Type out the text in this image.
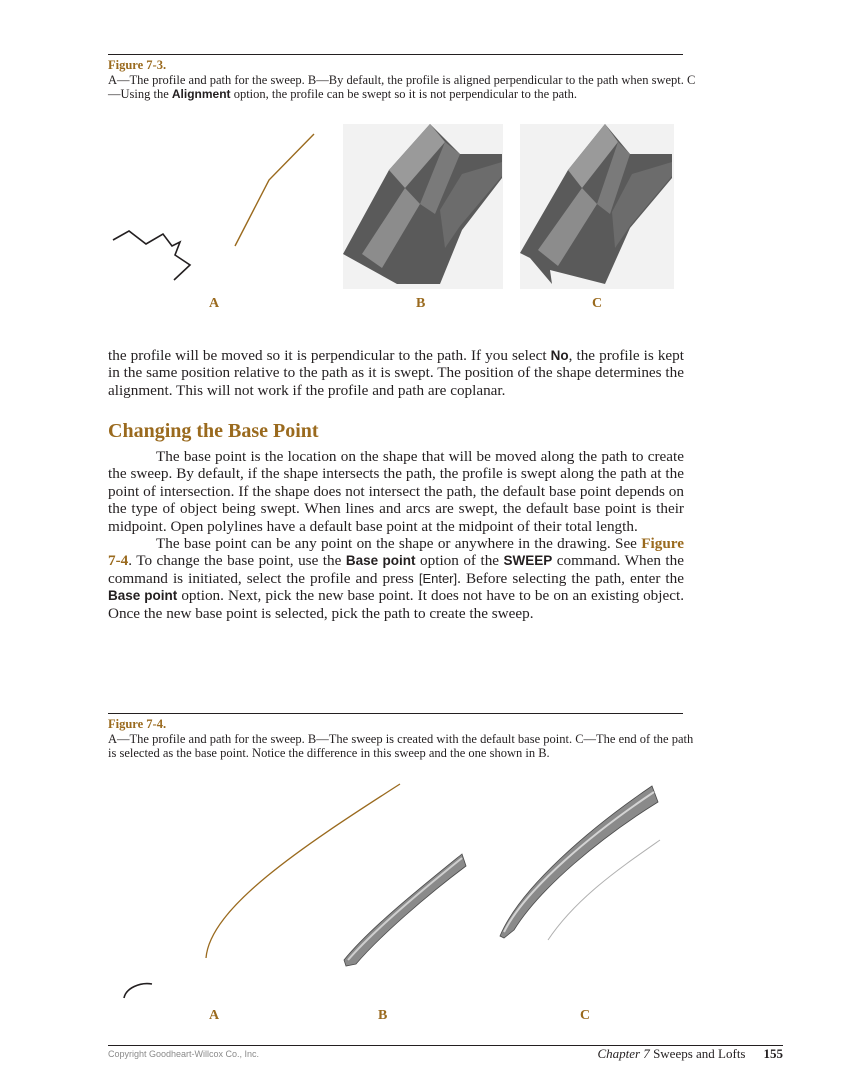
Figure 7-3.
A—The profile and path for the sweep. B—By default, the profile is aligned perpendicular to the path when swept. C—Using the Alignment option, the profile can be swept so it is not perpendicular to the path.
A	B	C

the profile will be moved so it is perpendicular to the path. If you select No, the profile is kept in the same position relative to the path as it is swept. The position of the shape determines the alignment. This will not work if the profile and path are coplanar.

Changing the Base Point

The base point is the location on the shape that will be moved along the path to create the sweep. By default, if the shape intersects the path, the profile is swept along the path at the point of intersection. If the shape does not intersect the path, the default base point depends on the type of object being swept. When lines and arcs are swept, the default base point is their midpoint. Open polylines have a default base point at the midpoint of their total length.

The base point can be any point on the shape or anywhere in the drawing. See Figure 7-4. To change the base point, use the Base point option of the SWEEP command. When the command is initiated, select the profile and press [Enter]. Before selecting the path, enter the Base point option. Next, pick the new base point. It does not have to be on an existing object. Once the new base point is selected, pick the path to create the sweep.

Figure 7-4.
A—The profile and path for the sweep. B—The sweep is created with the default base point. C—The end of the path is selected as the base point. Notice the difference in this sweep and the one shown in B.
A	B	C
Copyright Goodheart-Willcox Co., Inc.	Chapter 7 Sweeps and Lofts 155
